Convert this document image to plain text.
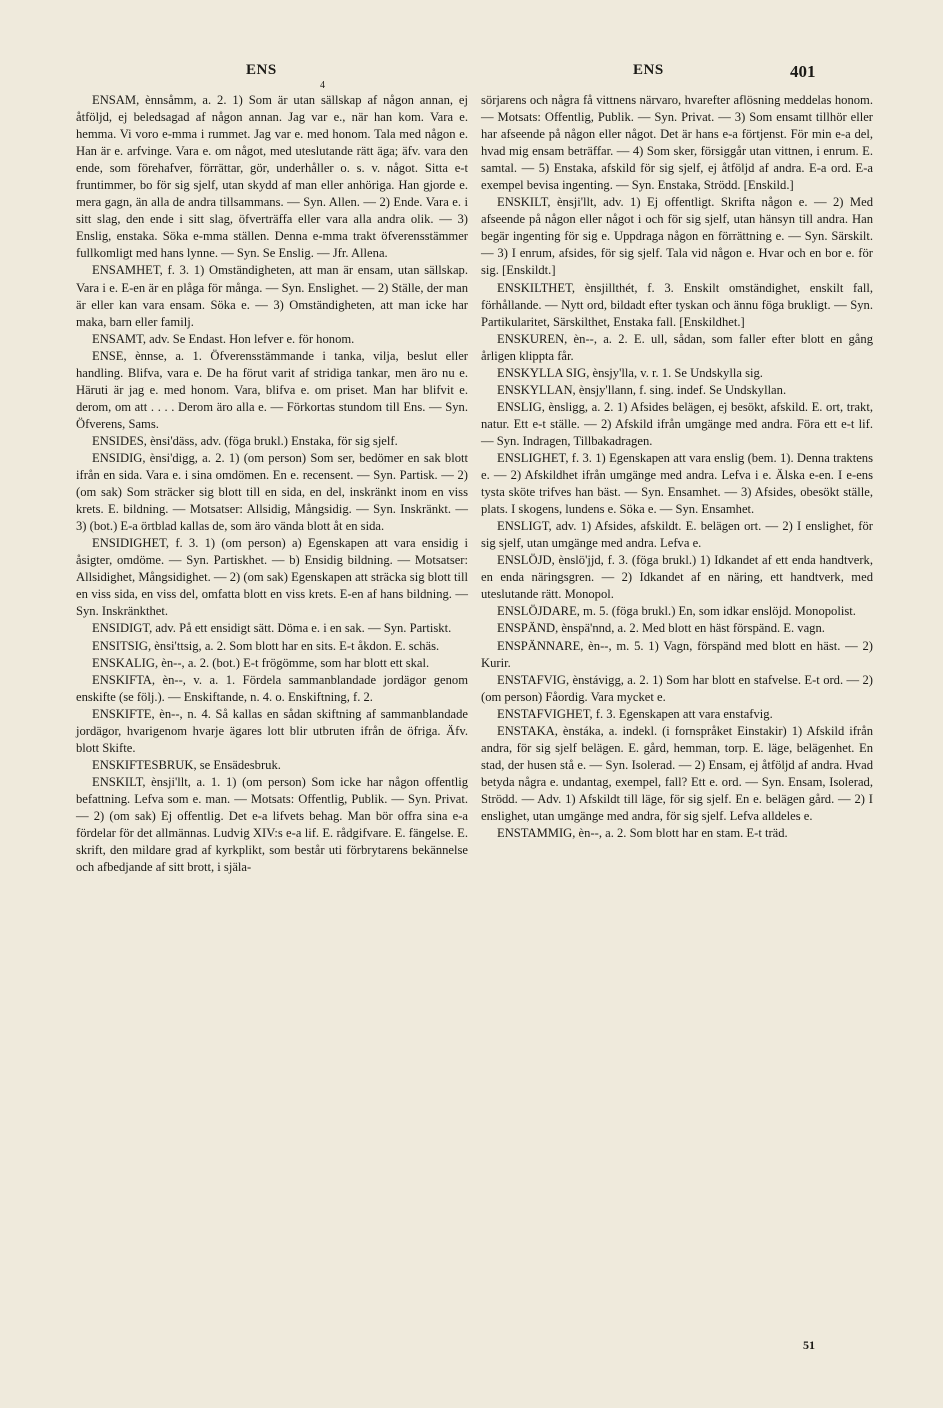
ENS
4
ENS	401

ENSAM, ènnsåmm, a. 2. 1) Som är utan sällskap af någon annan, ej åtföljd, ej beledsagad af någon annan. Jag var e., när han kom. Vara e. hemma. Vi voro e-mma i rummet. Jag var e. med honom. Tala med någon e. Han är e. arfvinge. Vara e. om något, med uteslutande rätt äga; äfv. vara den ende, som förehafver, förrättar, gör, underhåller o. s. v. något. Sitta e-t fruntimmer, bo för sig sjelf, utan skydd af man eller anhöriga. Han gjorde e. mera gagn, än alla de andra tillsammans. — Syn. Allen. — 2) Ende. Vara e. i sitt slag, den ende i sitt slag, öfverträffa eller vara alla andra olik. — 3) Enslig, enstaka. Söka e-mma ställen. Denna e-mma trakt öfverensstämmer fullkomligt med hans lynne. — Syn. Se Enslig. — Jfr. Allena.

ENSAMHET, f. 3. 1) Omständigheten, att man är ensam, utan sällskap. Vara i e. E-en är en plåga för många. — Syn. Enslighet. — 2) Ställe, der man är eller kan vara ensam. Söka e. — 3) Omständigheten, att man icke har maka, barn eller familj.

ENSAMT, adv. Se Endast. Hon lefver e. för honom.

ENSE, ènnse, a. 1. Öfverensstämmande i tanka, vilja, beslut eller handling. Blifva, vara e. De ha förut varit af stridiga tankar, men äro nu e. Häruti är jag e. med honom. Vara, blifva e. om priset. Man har blifvit e. derom, om att . . . . Derom äro alla e. — Förkortas stundom till Ens. — Syn. Öfverens, Sams.

ENSIDES, ènsi'däss, adv. (föga brukl.) Enstaka, för sig sjelf.

ENSIDIG, ènsi'digg, a. 2. 1) (om person) Som ser, bedömer en sak blott ifrån en sida. Vara e. i sina omdömen. En e. recensent. — Syn. Partisk. — 2) (om sak) Som sträcker sig blott till en sida, en del, inskränkt inom en viss krets. E. bildning. — Motsatser: Allsidig, Mångsidig. — Syn. Inskränkt. — 3) (bot.) E-a örtblad kallas de, som äro vända blott åt en sida.

ENSIDIGHET, f. 3. 1) (om person) a) Egenskapen att vara ensidig i åsigter, omdöme. — Syn. Partiskhet. — b) Ensidig bildning. — Motsatser: Allsidighet, Mångsidighet. — 2) (om sak) Egenskapen att sträcka sig blott till en viss sida, en viss del, omfatta blott en viss krets. E-en af hans bildning. — Syn. Inskränkthet.

ENSIDIGT, adv. På ett ensidigt sätt. Döma e. i en sak. — Syn. Partiskt.

ENSITSIG, ènsi'ttsig, a. 2. Som blott har en sits. E-t åkdon. E. schäs.

ENSKALIG, èn--, a. 2. (bot.) E-t frögömme, som har blott ett skal.

ENSKIFTA, èn--, v. a. 1. Fördela sammanblandade jordägor genom enskifte (se följ.). — Enskiftande, n. 4. o. Enskiftning, f. 2.

ENSKIFTE, èn--, n. 4. Så kallas en sådan skiftning af sammanblandade jordägor, hvarigenom hvarje ägares lott blir utbruten ifrån de öfriga. Äfv. blott Skifte.

ENSKIFTESBRUK, se Ensädesbruk.

ENSKILT, ènsji'llt, a. 1. 1) (om person) Som icke har någon offentlig befattning. Lefva som e. man. — Motsats: Offentlig, Publik. — Syn. Privat. — 2) (om sak) Ej offentlig. Det e-a lifvets behag. Man bör offra sina e-a fördelar för det allmännas. Ludvig XIV:s e-a lif. E. rådgifvare. E. fängelse. E. skrift, den mildare grad af kyrkplikt, som består uti förbrytarens bekännelse och afbedjande af sitt brott, i själa-

sörjarens och några få vittnens närvaro, hvarefter aflösning meddelas honom. — Motsats: Offentlig, Publik. — Syn. Privat. — 3) Som ensamt tillhör eller har afseende på någon eller något. Det är hans e-a förtjenst. För min e-a del, hvad mig ensam beträffar. — 4) Som sker, försiggår utan vittnen, i enrum. E. samtal. — 5) Enstaka, afskild för sig sjelf, ej åtföljd af andra. E-a ord. E-a exempel bevisa ingenting. — Syn. Enstaka, Strödd. [Enskild.]

ENSKILT, ènsji'llt, adv. 1) Ej offentligt. Skrifta någon e. — 2) Med afseende på någon eller något i och för sig sjelf, utan hänsyn till andra. Han begär ingenting för sig e. Uppdraga någon en förrättning e. — Syn. Särskilt. — 3) I enrum, afsides, för sig sjelf. Tala vid någon e. Hvar och en bor e. för sig. [Enskildt.]

ENSKILTHET, ènsjillthét, f. 3. Enskilt omständighet, enskilt fall, förhållande. — Nytt ord, bildadt efter tyskan och ännu föga brukligt. — Syn. Partikularitet, Särskilthet, Enstaka fall. [Enskildhet.]

ENSKUREN, èn--, a. 2. E. ull, sådan, som faller efter blott en gång årligen klippta får.

ENSKYLLA SIG, ènsjy'lla, v. r. 1. Se Undskylla sig.

ENSKYLLAN, ènsjy'llann, f. sing. indef. Se Undskyllan.

ENSLIG, ènsligg, a. 2. 1) Afsides belägen, ej besökt, afskild. E. ort, trakt, natur. Ett e-t ställe. — 2) Afskild ifrån umgänge med andra. Föra ett e-t lif. — Syn. Indragen, Tillbakadragen.

ENSLIGHET, f. 3. 1) Egenskapen att vara enslig (bem. 1). Denna traktens e. — 2) Afskildhet ifrån umgänge med andra. Lefva i e. Älska e-en. I e-ens tysta sköte trifves han bäst. — Syn. Ensamhet. — 3) Afsides, obesökt ställe, plats. I skogens, lundens e. Söka e. — Syn. Ensamhet.

ENSLIGT, adv. 1) Afsides, afskildt. E. belägen ort. — 2) I enslighet, för sig sjelf, utan umgänge med andra. Lefva e.

ENSLÖJD, ènslö'jjd, f. 3. (föga brukl.) 1) Idkandet af ett enda handtverk, en enda näringsgren. — 2) Idkandet af en näring, ett handtverk, med uteslutande rätt. Monopol.

ENSLÖJDARE, m. 5. (föga brukl.) En, som idkar enslöjd. Monopolist.

ENSPÄND, ènspä'nnd, a. 2. Med blott en häst förspänd. E. vagn.

ENSPÄNNARE, èn--, m. 5. 1) Vagn, förspänd med blott en häst. — 2) Kurir.

ENSTAFVIG, ènstávigg, a. 2. 1) Som har blott en stafvelse. E-t ord. — 2) (om person) Fåordig. Vara mycket e.

ENSTAFVIGHET, f. 3. Egenskapen att vara enstafvig.

ENSTAKA, ènstáka, a. indekl. (i fornspråket Einstakir) 1) Afskild ifrån andra, för sig sjelf belägen. E. gård, hemman, torp. E. läge, belägenhet. En stad, der husen stå e. — Syn. Isolerad. — 2) Ensam, ej åtföljd af andra. Hvad betyda några e. undantag, exempel, fall? Ett e. ord. — Syn. Ensam, Isolerad, Strödd. — Adv. 1) Afskildt till läge, för sig sjelf. En e. belägen gård. — 2) I enslighet, utan umgänge med andra, för sig sjelf. Lefva alldeles e.

ENSTAMMIG, èn--, a. 2. Som blott har en stam. E-t träd.

51
